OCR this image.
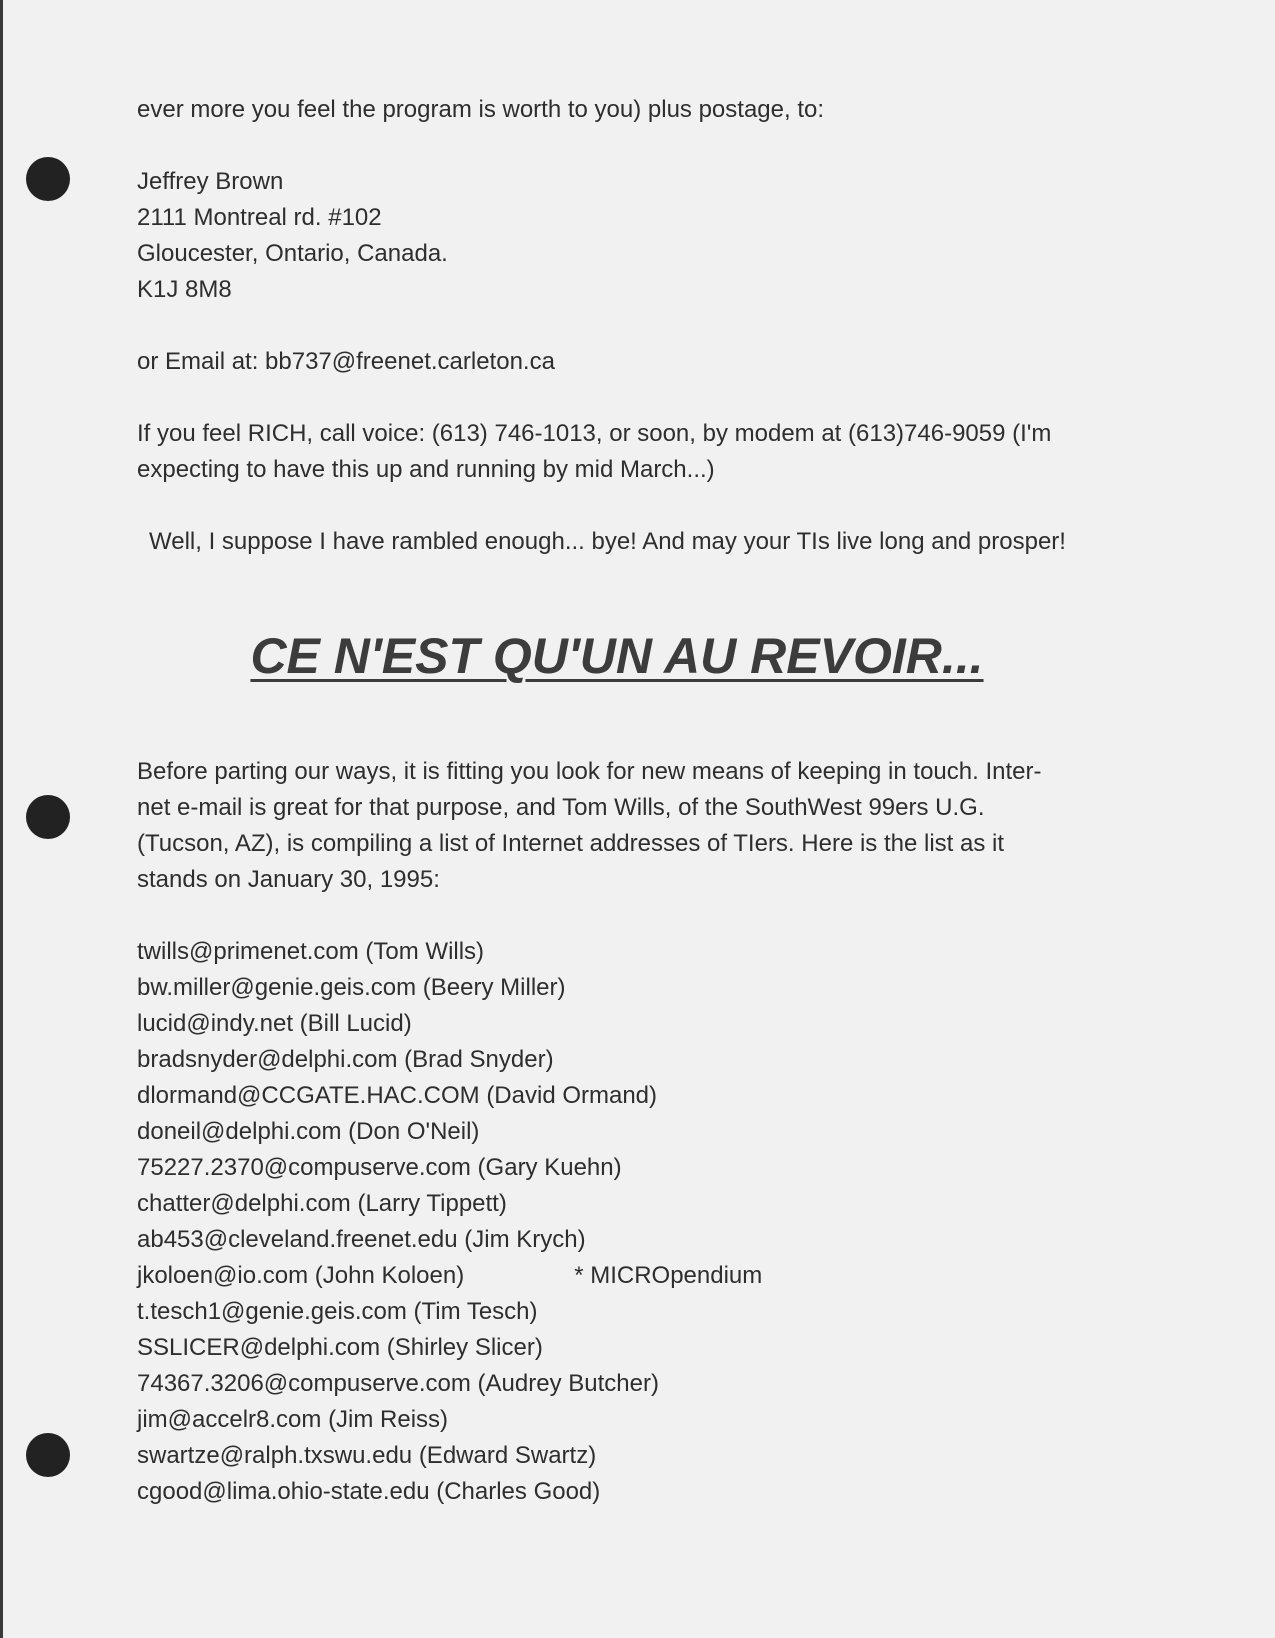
ever more you feel the program is worth to you) plus postage, to:
Jeffrey Brown
2111 Montreal rd. #102
Gloucester, Ontario, Canada.
K1J 8M8
or Email at: bb737@freenet.carleton.ca
If you feel RICH, call voice: (613) 746-1013, or soon, by modem at (613)746-9059 (I'm
expecting to have this up and running by mid March...)
Well, I suppose I have rambled enough... bye! And may your TIs live long and prosper!
CE N'EST QU'UN AU REVOIR...
Before parting our ways, it is fitting you look for new means of keeping in touch. Inter-
net e-mail is great for that purpose, and Tom Wills, of the SouthWest 99ers U.G.
(Tucson, AZ), is compiling a list of Internet addresses of TIers. Here is the list as it
stands on January 30, 1995:
twills@primenet.com (Tom Wills)
bw.miller@genie.geis.com (Beery Miller)
lucid@indy.net (Bill Lucid)
bradsnyder@delphi.com (Brad Snyder)
dlormand@CCGATE.HAC.COM (David Ormand)
doneil@delphi.com (Don O'Neil)
75227.2370@compuserve.com (Gary Kuehn)
chatter@delphi.com (Larry Tippett)
ab453@cleveland.freenet.edu (Jim Krych)
jkoloen@io.com (John Koloen)	* MICROpendium
t.tesch1@genie.geis.com (Tim Tesch)
SSLICER@delphi.com (Shirley Slicer)
74367.3206@compuserve.com (Audrey Butcher)
jim@accelr8.com (Jim Reiss)
swartze@ralph.txswu.edu (Edward Swartz)
cgood@lima.ohio-state.edu (Charles Good)
